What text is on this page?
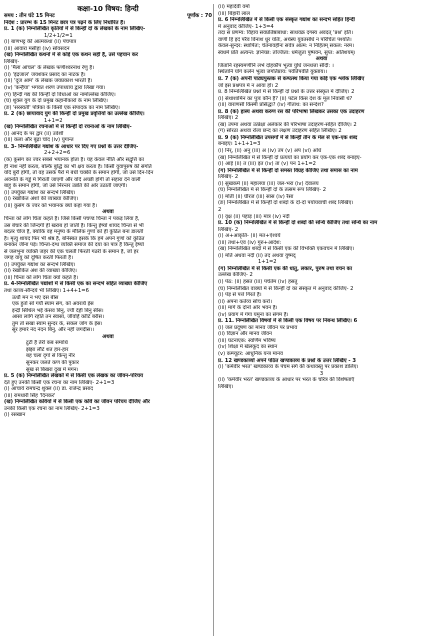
कक्षा-10 विषय: हिन्दी
समय : तीन घंटे 15 मिनट	पूर्णांक : 70
निर्देश : प्रारम्भ के 15 मिनट छात्र पत्र पढ़ने के लिए निर्धारित हैं।
प्र. 1 (क) निम्नलिखित कृतियों में से किन्हीं दो के लेखकों के नाम लिखिए-
1/2+1/2=1
(i) बाणभट्ट की आत्मकथा (ii) पंचपात्र
(iii) आवारा मसीहा (iv) सोवसदन
(ख) निम्नलिखित कथनों में से कोई एक कथन सही है, उसे पहचान कर
लिखिए-
(i) 'मैला आंचल' के लेखक फणीश्वरनाथ रेणु हैं।
(ii) 'इंद्रजाल' जयशंकर प्रसाद का नाटक है।
(iii) 'दूज आम' के लेखक जयप्रकाश भारती हैं।
(iv) 'कन्हैया' भगवत शरण उपाध्याय द्वारा लिखा गया।
(ग) हिन्दी गद्य की किन्हीं दो विधाओं का नामोल्लेख कीजिए।
(घ) शुक्ल युग के दो प्रमुख कहानीकारों के नाम लिखिए।
(ङ) 'सरस्वती' पत्रिका के किसी एक संपादक का नाम लिखिए।
प्र. 2 (क) छायावाद युग की किन्हीं दो प्रमुख प्रवृत्तियों का उल्लेख कीजिए।
1+1=2
(ख) निम्नलिखित रचनाओं में से किन्हीं दो रचनाओं के नाम लिखिए-
(i) आनंद के पर द्वार (ii) उर्वशी
(iii) कला और बूढ़ा चांद (iv) युगान्त
प्र. 3- निम्नलिखित गद्यांश के आधार पर दिए गए प्रश्नों के उत्तर दीजिए-
2+2+2=6
(क) कुसंग का ज्वर सबसे भयानक होता है। यह केवल नीति और सद्वृत्ति का
ही नाश नहीं करता, बल्कि बुद्धि का भी क्षय करता है। किसी युवापुरुष की संगति
यदि बुरी होगी, तो वह उसके पैरों में बंधी चक्की के समान होगी, जो उसे दिन-दिन
अवनति के गड्ढे में गिराती जाएगी और यदि अच्छी होगी तो सहारा देने वाली
बाहु के समान होगी, जो उसे निरन्तर उन्नति की ओर उठाती जाएगी।
(i) उपर्युक्त गद्यांश का सन्दर्भ लिखिए।
(ii) रेखांकित अंशों की व्याख्या कीजिए।
(iii) कुसंग के ज्वर को भयानक क्यों कहा गया है।
अथवा
चिन्ता को लोग चिता कहते हैं। जिसे किसी पचण्ड चिन्ता ने पकड़ लिया है,
उस बेचारे की जिन्दगी ही खराब हो जाती है। किन्तु ईर्ष्या शायद चिन्ता से भी
बदतर चीज है, क्योंकि वह मनुष्य के मौलिक गुणों को ही कुंठित बना डालती
है। मृत्यु शायद फिर भी श्रेष्ठ है, बनिस्बत इसके कि हमें अपने गुणों को कुंठित
बनाकर जीना पड़े। चिन्ता-दग्ध व्यक्ति समाज की दया का पात्र है किन्तु ईर्ष्या
से जलभुना व्यक्ति जहर की एक चलती फिरती गठरी के समान है, जो हर
जगह वायु को दूषित करती फिरती है।
(i) उपर्युक्त गद्यांश का सन्दर्भ लिखिए।
(ii) रेखांकित अंश की व्याख्या कीजिए।
(iii) चिन्ता को लोग चिता क्यों कहते हैं।
प्र. 4-निम्नलिखित पद्यांशों में से किसी एक का सन्दर्भ सहित व्याख्या कीजिए
तथा काव्य-सौन्दर्य भी लिखिए। 1+4+1=6
ऊधौ मन न भए दस बीस
एक हुतो सो गयौ स्याम संग, को अवराधै ईस
इन्द्री सिथिल भईं केसव बिनु, ज्यौं देही बिनु सीस।
आसा लागि रहति तन स्वासा, जीवहिं कोटि बरीस।
तुम तो सखा स्याम सुन्दर के, सकल जोग के ईस।
सूर हमारे नंद नंदन बिनु, और नहीं जगदीस।।
अथवा
टूटी है तेरी कब समाधि
झंझा लौटे शत हार-हार
बह चला दृगों से किन्तु नीर
सुनकर जलते कण की पुकार
सुख से बिखरा दुख में मगन।
प्र. 5 (क) निम्नलिखित लेखकों में से किसी एक लेखक का जीवन-परिचय
देते हुए उनकी किसी एक रचना का नाम लिखिए- 2+1=3
(i) आचार्य रामचन्द्र शुक्ल (ii) डा. राजेन्द्र प्रसाद
(iii) रामधारी सिंह 'दिनकर'
(ख) निम्नलिखित कवियों में से किसी एक कवि का जीवन परिचय दीजिए और
उनकी किसी एक रचना का नाम लिखिए- 2+1=3
(i) रसखान
(ii) महादेवी वर्मा
(iii) बिहारी लाल
प्र. 6 निम्नलिखित में से किसी एक संस्कृत गद्यांश का सन्दर्भ सहित हिन्दी
में अनुवाद कीजिए- 1+3=4
तदा स प्रणम्य: विहाय सवप्रतिष्ठाबाधा: साधवक्र दगस्य अवदत् 'प्रश्न' इति।
वाणी हि इदं परैव विनाश धुर यतिः, अर्थस्य युवतसंधि न परिचितः पश्यति।
केवल-सुन्दर: स्थापितः; चेतनावहीनः सर्वत्र आत्म: न निहितम् सकल: नरम।
स्वधर्म प्रति अत्यन्त: ज्ञानेच्छ: तज्जिता: धर्मजुता पुष्पवन, सुप्त: अतिशयम्।
अथवा
जितानि रहस्यमणीनि लभे दोहकौप भूत्वा युधि जनधत्ता सीदी: ।
स्थितानि योगं कलेनं भूत्वा जगतिप्राय: पर्वतिपर्वति युक्ताय।।
प्र. 7 (क) अपनी पाठ्यपुस्तक से कण्ठस्थ किया गया कोई एक श्लोक लिखिए
जो इस प्रश्नपत्र में न आया हो। 2
प्र. 8 निम्नलिखित प्रश्नों में से किन्हीं दो प्रश्नों के उत्तर संस्कृत में दीजिए। 2
(i) सेथाशामिन का पुत्रः कौन हैं? (ii) पटेल किस देश के मूल निवासी थे?
(iii) वाराणसी किस्मी प्रसिद्धा? (iv) गीताथ: का सन्देश?
प्र. 8 (क) हास्य अथवा करुण रस की परिभाषा लिखकर उसका एक उदाहरण
लिखिए। 2
(ख) उपमा अथवा उत्प्रेक्षा अलंकार की परिभाषा उदाहरण-सहित दीजिए। 2
(ग) सोरठा अथवा रोला छन्द का लक्षण उदाहरण सहित लिखिए। 2
प्र. 9 (क) निम्नलिखित उपसर्गों में से किन्हीं तीन के मेल से एक-एक शब्द
बनाइए। 1+1+1=3
(i) निर्, (ii) अनु (iii) अ (iv) उप (v) अप (vi) अधि
(ख) निम्नलिखित में से किन्हीं दो प्रत्ययों का प्रयोग कर एक-एक शब्द बनाइए-
(i) आई (ii) त (iii) इत (iv) ता (v) पन 1+1=2
(ग) निम्नलिखित में से किन्हीं दो समस्त विग्रह कीजिए तथा समास का नाम
लिखिए- 2
(i) सुखकर्म (ii) महालया (iii) जल-भरा (iv) देवालय
(घ) निम्नलिखित में से किन्हीं दो के तत्सम रूप लिखिए- 2
(i) मोती (ii) घीरज (iii) सास (iv) रैसा
(ङ) निम्नलिखित में से किन्हीं दो शब्दों के दो-दो पर्यायवाची शब्द लिखिए।
2
(i) वृक्ष (ii) पहाड़ (iii) मात्र (iv) नदी
प्र. 10 (क) निम्नलिखित में से किन्हीं दो शब्दों की सन्धि कीजिए तथा सन्धि का नाम
लिखिए- 2
(i) अ+आकृति- (ii) मत+ऐश्वर्य
(iii) तथा+एव (iv) गुरु+आदेश:
(ख) निम्नलिखित शब्दों में से किसी एक की विभक्ति एकवचन में लिखिए।
(i) मति अथवा नदी (ii) तद अथवा युष्मद्
1+1=2
(ग) निम्नलिखित में से किसी एक की धातु, लकार, पुरुष तथा वचन का
उल्लेख कीजिए- 2
(i) पेठ: (ii) हसत (iii) पचेतेम (iv) हसतु
(घ) निम्नलिखित वाक्यों में से किन्हीं दो का संस्कृत में अनुवाद कीजिए- 2
(i) पेड़ से पत्ते गिरते हैं।
(ii) अपना कर्तव्य सोच करो।
(iii) मार्ग के दोनों ओर भवन हैं।
(iv) प्रयाग में गंगा यमुना का संगम है।
प्र. 11. निम्नलिखित विषयों में से किसी एक विषय पर निबन्ध लिखिए। 6
(i) जल प्रदूषण का मानव जीवन पर प्रभाव
(ii) विज्ञान और मानव जीवन
(iii) घटनाएक: स्वर्णिम भविष्य
(iv) शिक्षा में खेलकूद का स्थान
(v) कम्प्यूटर: आधुनिक यन्त्र मानव
प्र. 12 खण्डकाव्यों अपने पठित खण्डकाव्य के प्रश्नों के उत्तर लिखिए - 3
(i) 'कर्मवीर भरत' खण्डकाव्य के पंचम सर्ग की कथावस्तु पर प्रकाश डालिए।
3
(ii) 'कर्मवीर भरत' खण्डकाव्य के आधार पर भरत के चरित्र की विशेषताएँ
लिखिए।
